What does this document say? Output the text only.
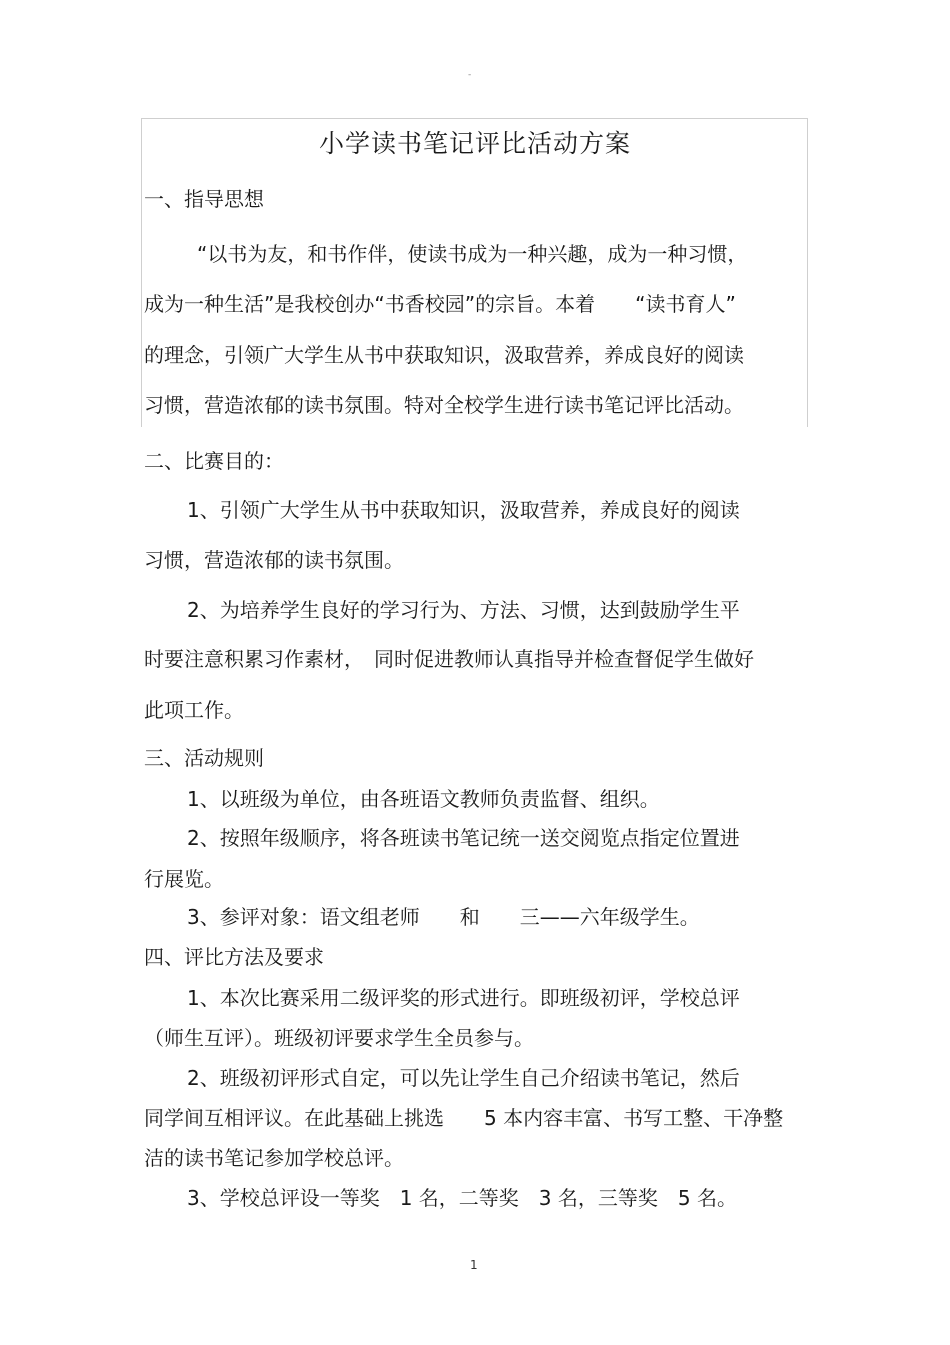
-
小学读书笔记评比活动方案
一、指导思想
“以书为友，和书作伴，使读书成为一种兴趣，成为一种习惯，
成为一种生活”是我校创办“书香校园”的宗旨。本着　　“读书育人”
的理念，引领广大学生从书中获取知识，汲取营养，养成良好的阅读
习惯，营造浓郁的读书氛围。特对全校学生进行读书笔记评比活动。
二、比赛目的：
1、引领广大学生从书中获取知识，汲取营养，养成良好的阅读
习惯，营造浓郁的读书氛围。
2、为培养学生良好的学习行为、方法、习惯，达到鼓励学生平
时要注意积累习作素材，　同时促进教师认真指导并检查督促学生做好
此项工作。
三、活动规则
1、以班级为单位，由各班语文教师负责监督、组织。
2、按照年级顺序，将各班读书笔记统一送交阅览点指定位置进
行展览。
3、参评对象：语文组老师　　和　　三——六年级学生。
四、评比方法及要求
1、本次比赛采用二级评奖的形式进行。即班级初评，学校总评
（师生互评）。班级初评要求学生全员参与。
2、班级初评形式自定，可以先让学生自己介绍读书笔记，然后
同学间互相评议。在此基础上挑选　　5 本内容丰富、书写工整、干净整
洁的读书笔记参加学校总评。
3、学校总评设一等奖　1 名，二等奖　3 名，三等奖　5 名。
1
